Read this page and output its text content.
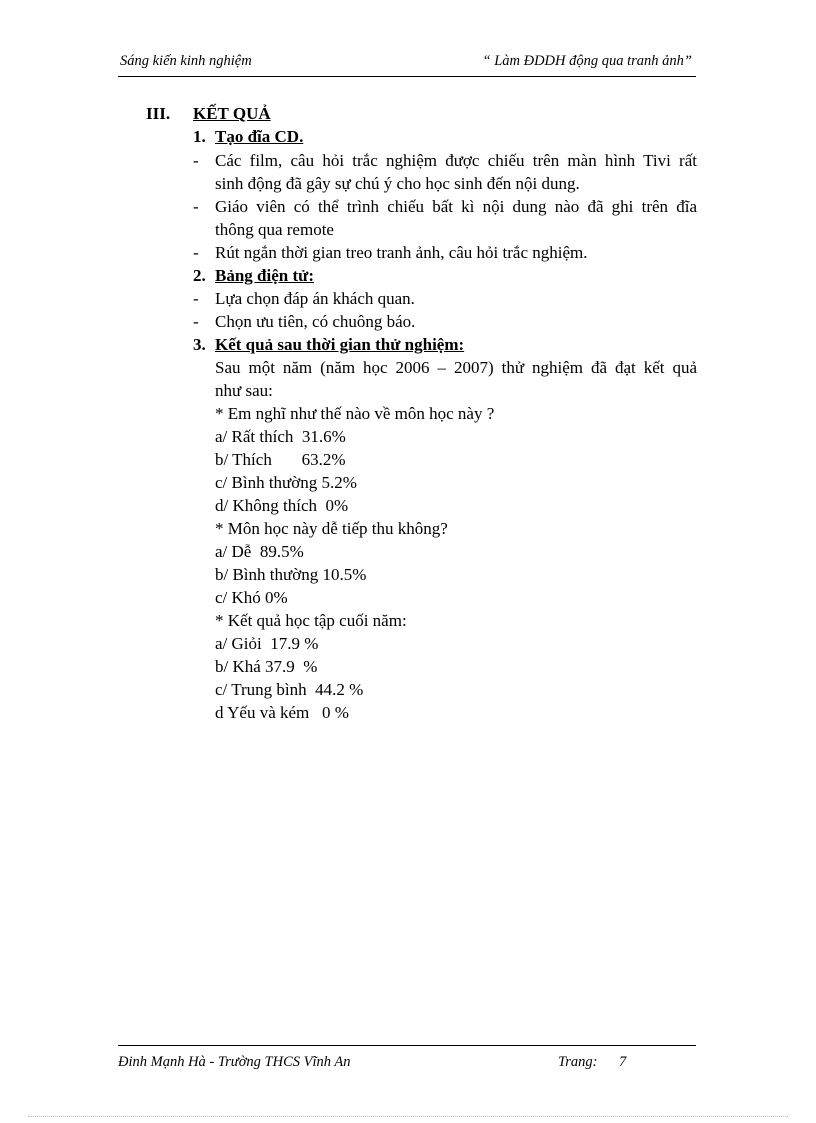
Sáng kiến kinh nghiệm	“ Làm ĐDDH động qua tranh ảnh”
III. KẾT QUẢ
1. Tạo đĩa CD.
- Các film, câu hỏi trắc nghiệm được chiếu trên màn hình Tivi rất
sinh động đã gây sự chú ý cho học sinh đến nội dung.
- Giáo viên có thể trình chiếu bất kì nội dung nào đã ghi trên đĩa
thông qua remote
- Rút ngắn thời gian treo tranh ảnh, câu hỏi trắc nghiệm.
2. Bảng điện tử:
- Lựa chọn đáp án khách quan.
- Chọn ưu tiên, có chuông báo.
3. Kết quả sau thời gian thử nghiệm:
Sau một năm (năm học 2006 – 2007) thử nghiệm đã đạt kết quả
như sau:
* Em nghĩ như thế nào về môn học này ?
a/ Rất thích  31.6%
b/ Thích       63.2%
c/ Bình thường 5.2%
d/ Không thích  0%
* Môn học này dễ tiếp thu không?
a/ Dễ  89.5%
b/ Bình thường 10.5%
c/ Khó 0%
* Kết quả học tập cuối năm:
a/ Giỏi  17.9 %
b/ Khá 37.9  %
c/ Trung bình  44.2 %
d Yếu và kém   0 %
Đinh Mạnh Hà - Trường THCS Vĩnh An	Trang: 7
